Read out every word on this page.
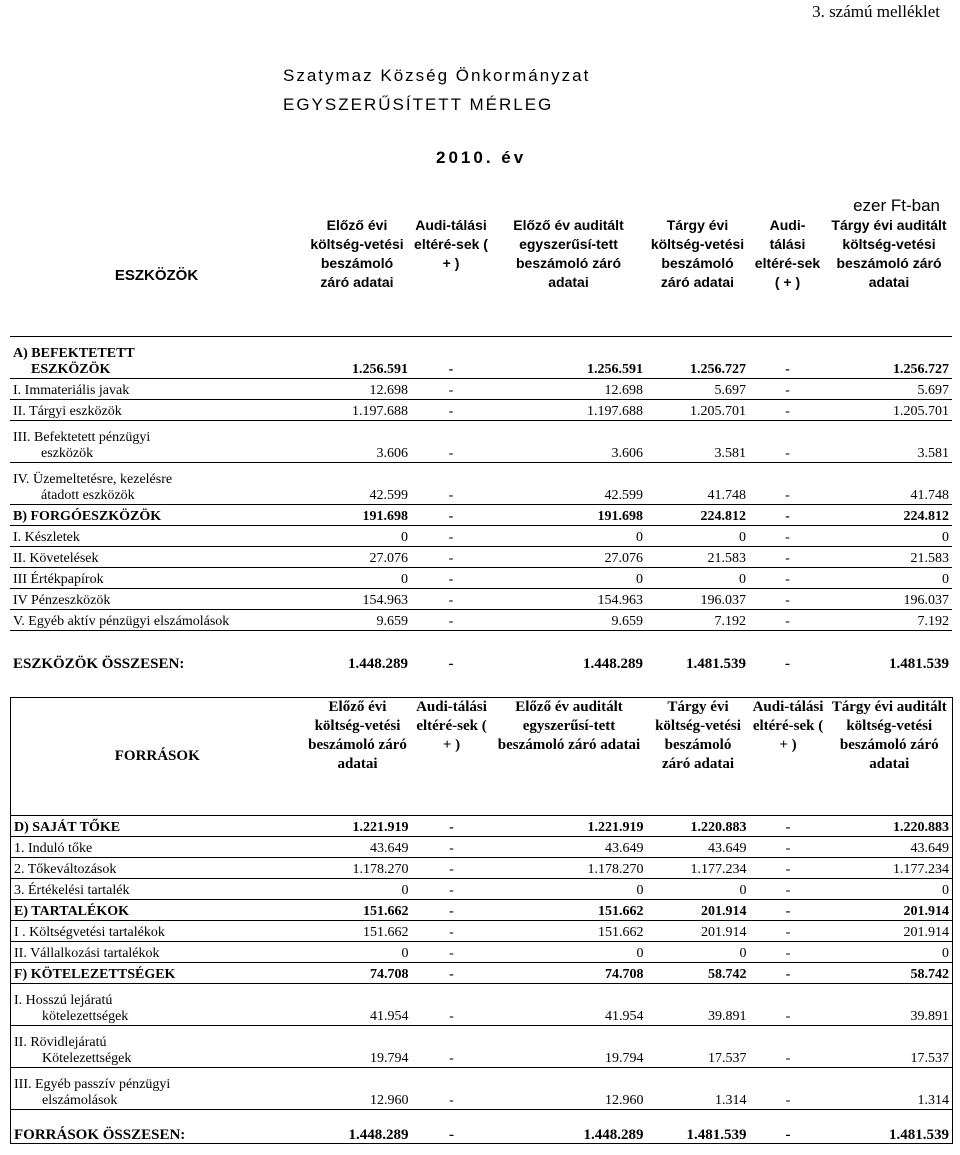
3. számú melléklet
Szatymaz Község Önkormányzat
EGYSZERŰSÍTETT MÉRLEG
2010. év
ezer Ft-ban
ESZKÖZÖK	Előző évi költség-vetési beszámoló záró adatai	Audi-tálási eltéré-sek ( + )	Előző év auditált egyszerűsí-tett beszámoló záró adatai	Tárgy évi költség-vetési beszámoló záró adatai	Audi-tálási eltéré-sek ( + )	Tárgy évi auditált költség-vetési beszámoló záró adatai

A) BEFEKTETETT
ESZKÖZÖK	1.256.591	-	1.256.591	1.256.727	-	1.256.727
I. Immateriális javak	12.698	-	12.698	5.697	-	5.697
II. Tárgyi eszközök	1.197.688	-	1.197.688	1.205.701	-	1.205.701

III. Befektetett pénzügyi
eszközök	3.606	-	3.606	3.581	-	3.581

IV. Üzemeltetésre, kezelésre
átadott eszközök	42.599	-	42.599	41.748	-	41.748
B) FORGÓESZKÖZÖK	191.698	-	191.698	224.812	-	224.812
I. Készletek	0	-	0	0	-	0
II. Követelések	27.076	-	27.076	21.583	-	21.583
III Értékpapírok	0	-	0	0	-	0
IV Pénzeszközök	154.963	-	154.963	196.037	-	196.037
V. Egyéb aktív pénzügyi elszámolások	9.659	-	9.659	7.192	-	7.192

ESZKÖZÖK ÖSSZESEN:	1.448.289	-	1.448.289	1.481.539	-	1.481.539
FORRÁSOK	Előző évi költség-vetési beszámoló záró adatai	Audi-tálási eltéré-sek ( + )	Előző év auditált egyszerűsí-tett beszámoló záró adatai	Tárgy évi költség-vetési beszámoló záró adatai	Audi-tálási eltéré-sek ( + )	Tárgy évi auditált költség-vetési beszámoló záró adatai
D) SAJÁT TŐKE	1.221.919	-	1.221.919	1.220.883	-	1.220.883
1. Induló tőke	43.649	-	43.649	43.649	-	43.649
2. Tőkeváltozások	1.178.270	-	1.178.270	1.177.234	-	1.177.234
3. Értékelési tartalék	0	-	0	0	-	0
E) TARTALÉKOK	151.662	-	151.662	201.914	-	201.914
I . Költségvetési tartalékok	151.662	-	151.662	201.914	-	201.914
II. Vállalkozási tartalékok	0	-	0	0	-	0
F) KÖTELEZETTSÉGEK	74.708	-	74.708	58.742	-	58.742

I. Hosszú lejáratú
kötelezettségek	41.954	-	41.954	39.891	-	39.891

II. Rövidlejáratú
Kötelezettségek	19.794	-	19.794	17.537	-	17.537

III. Egyéb passzív pénzügyi
elszámolások	12.960	-	12.960	1.314	-	1.314

FORRÁSOK ÖSSZESEN:	1.448.289	-	1.448.289	1.481.539	-	1.481.539
